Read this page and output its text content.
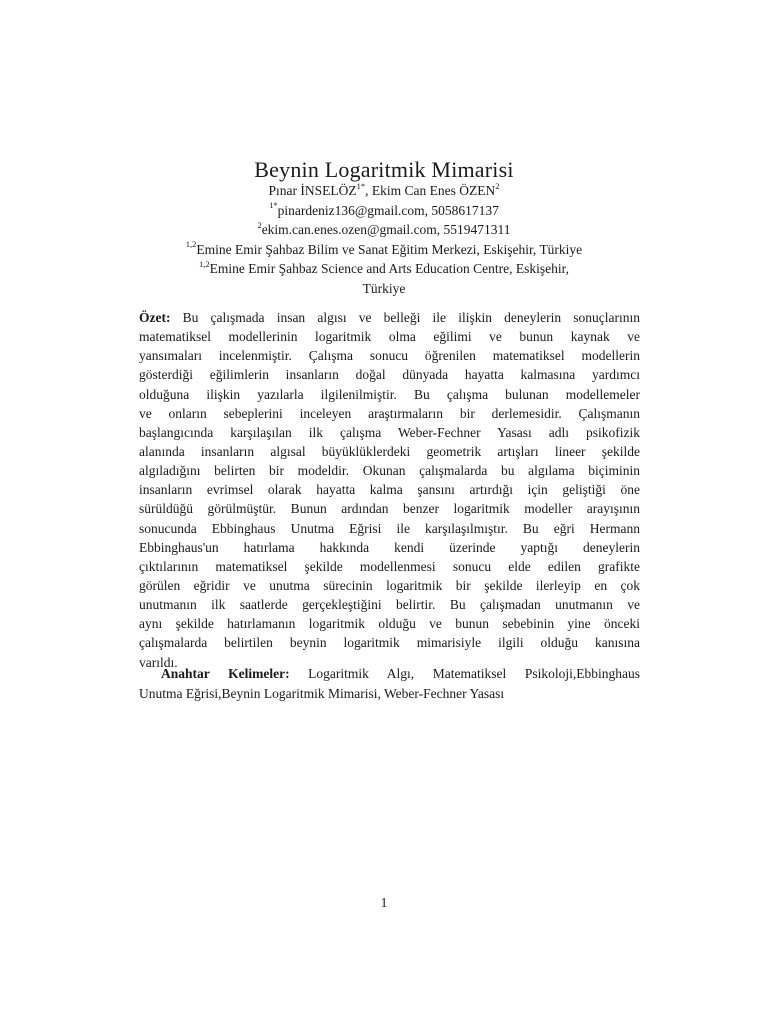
Beynin Logaritmik Mimarisi
Pınar $İNSELÖZ^{1*}$, Ekim Can Enes ÖZEN$^2$
$^{1*}$pinardeniz136@gmail.com, 5058617137
$^2$ekim.can.enes.ozen@gmail.com, 5519471311
$^{1,2}$Emine Emir Şahbaz Bilim ve Sanat Eğitim Merkezi, Eskişehir, Türkiye
$^{1,2}$Emine Emir Şahbaz Science and Arts Education Centre, Eskişehir,
Türkiye
Özet: Bu çalışmada insan algısı ve belleği ile ilişkin deneylerin sonuçlarının
matematiksel modellerinin logaritmik olma eğilimi ve bunun kaynak ve
yansımaları incelenmiştir. Çalışma sonucu öğrenilen matematiksel modellerin
gösterdiği eğilimlerin insanların doğal dünyada hayatta kalmasına yardımcı
olduğuna ilişkin yazılarla ilgilenilmiştir. Bu çalışma bulunan modellemeler
ve onların sebeplerini inceleyen araştırmaların bir derlemesidir. Çalışmanın
başlangıcında karşılaşılan ilk çalışma Weber-Fechner Yasası adlı psikofizik
alanında insanların algısal büyüklüklerdeki geometrik artışları lineer şekilde
algıladığını belirten bir modeldir. Okunan çalışmalarda bu algılama biçiminin
insanların evrimsel olarak hayatta kalma şansını artırdığı için geliştiği öne
sürüldüğü görülmüştür. Bunun ardından benzer logaritmik modeller arayışının
sonucunda Ebbinghaus Unutma Eğrisi ile karşılaşılmıştır. Bu eğri Hermann
Ebbinghaus'un hatırlama hakkında kendi üzerinde yaptığı deneylerin
çıktılarının matematiksel şekilde modellenmesi sonucu elde edilen grafikte
görülen eğridir ve unutma sürecinin logaritmik bir şekilde ilerleyip en çok
unutmanın ilk saatlerde gerçekleştiğini belirtir. Bu çalışmadan unutmanın ve
aynı şekilde hatırlamanın logaritmik olduğu ve bunun sebebinin yine önceki
çalışmalarda belirtilen beynin logaritmik mimarisiyle ilgili olduğu kanısına
varıldı.
Anahtar Kelimeler: Logaritmik Algı, Matematiksel Psikoloji,Ebbinghaus
Unutma Eğrisi,Beynin Logaritmik Mimarisi, Weber-Fechner Yasası
1
